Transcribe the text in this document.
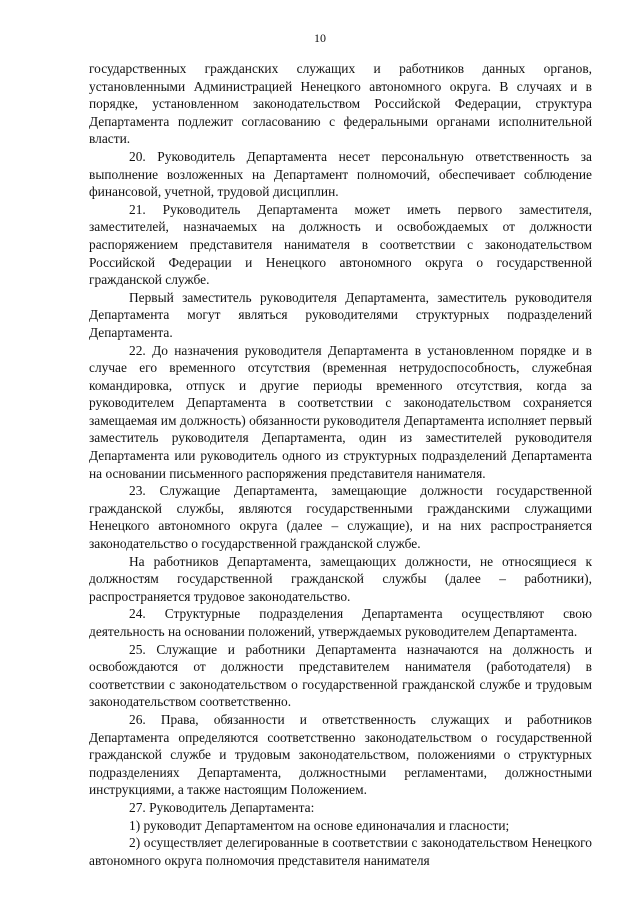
10

государственных гражданских служащих и работников данных органов, установленными Администрацией Ненецкого автономного округа. В случаях и в порядке, установленном законодательством Российской Федерации, структура Департамента подлежит согласованию с федеральными органами исполнительной власти.

20. Руководитель Департамента несет персональную ответственность за выполнение возложенных на Департамент полномочий, обеспечивает соблюдение финансовой, учетной, трудовой дисциплин.

21. Руководитель Департамента может иметь первого заместителя, заместителей, назначаемых на должность и освобождаемых от должности распоряжением представителя нанимателя в соответствии с законодательством Российской Федерации и Ненецкого автономного округа о государственной гражданской службе.

Первый заместитель руководителя Департамента, заместитель руководителя Департамента могут являться руководителями структурных подразделений Департамента.

22. До назначения руководителя Департамента в установленном порядке и в случае его временного отсутствия (временная нетрудоспособность, служебная командировка, отпуск и другие периоды временного отсутствия, когда за руководителем Департамента в соответствии с законодательством сохраняется замещаемая им должность) обязанности руководителя Департамента исполняет первый заместитель руководителя Департамента, один из заместителей руководителя Департамента или руководитель одного из структурных подразделений Департамента на основании письменного распоряжения представителя нанимателя.

23. Служащие Департамента, замещающие должности государственной гражданской службы, являются государственными гражданскими служащими Ненецкого автономного округа (далее – служащие), и на них распространяется законодательство о государственной гражданской службе.

На работников Департамента, замещающих должности, не относящиеся к должностям государственной гражданской службы (далее – работники), распространяется трудовое законодательство.

24. Структурные подразделения Департамента осуществляют свою деятельность на основании положений, утверждаемых руководителем Департамента.

25. Служащие и работники Департамента назначаются на должность и освобождаются от должности представителем нанимателя (работодателя) в соответствии с законодательством о государственной гражданской службе и трудовым законодательством соответственно.

26. Права, обязанности и ответственность служащих и работников Департамента определяются соответственно законодательством о государственной гражданской службе и трудовым законодательством, положениями о структурных подразделениях Департамента, должностными регламентами, должностными инструкциями, а также настоящим Положением.

27. Руководитель Департамента:

1) руководит Департаментом на основе единоначалия и гласности;

2) осуществляет делегированные в соответствии с законодательством Ненецкого автономного округа полномочия представителя нанимателя
